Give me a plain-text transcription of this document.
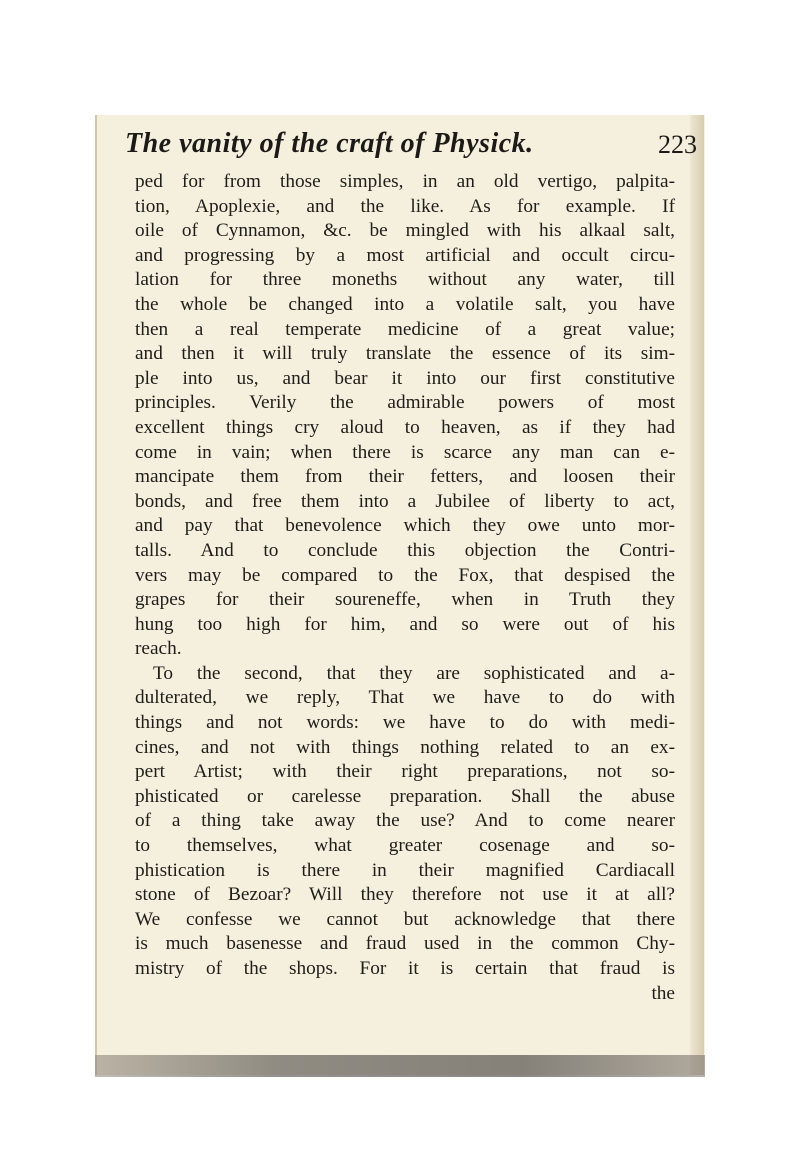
The vanity of the craft of Physick.	223
ped for from those simples, in an old vertigo, palpita-
tion, Apoplexie, and the like. As for example. If
oile of Cynnamon, &c. be mingled with his alkaal salt,
and progressing by a most artificial and occult circu-
lation for three moneths without any water, till
the whole be changed into a volatile salt, you have
then a real temperate medicine of a great value;
and then it will truly translate the essence of its sim-
ple into us, and bear it into our first constitutive
principles. Verily the admirable powers of most
excellent things cry aloud to heaven, as if they had
come in vain; when there is scarce any man can e-
mancipate them from their fetters, and loosen their
bonds, and free them into a Jubilee of liberty to act,
and pay that benevolence which they owe unto mor-
talls. And to conclude this objection the Contri-
vers may be compared to the Fox, that despised the
grapes for their soureneffe, when in Truth they
hung too high for him, and so were out of his
reach.
To the second, that they are sophisticated and a-
dulterated, we reply, That we have to do with
things and not words: we have to do with medi-
cines, and not with things nothing related to an ex-
pert Artist; with their right preparations, not so-
phisticated or carelesse preparation. Shall the abuse
of a thing take away the use? And to come nearer
to themselves, what greater cosenage and so-
phistication is there in their magnified Cardiacall
stone of Bezoar? Will they therefore not use it at all?
We confesse we cannot but acknowledge that there
is much basenesse and fraud used in the common Chy-
mistry of the shops. For it is certain that fraud is
the
